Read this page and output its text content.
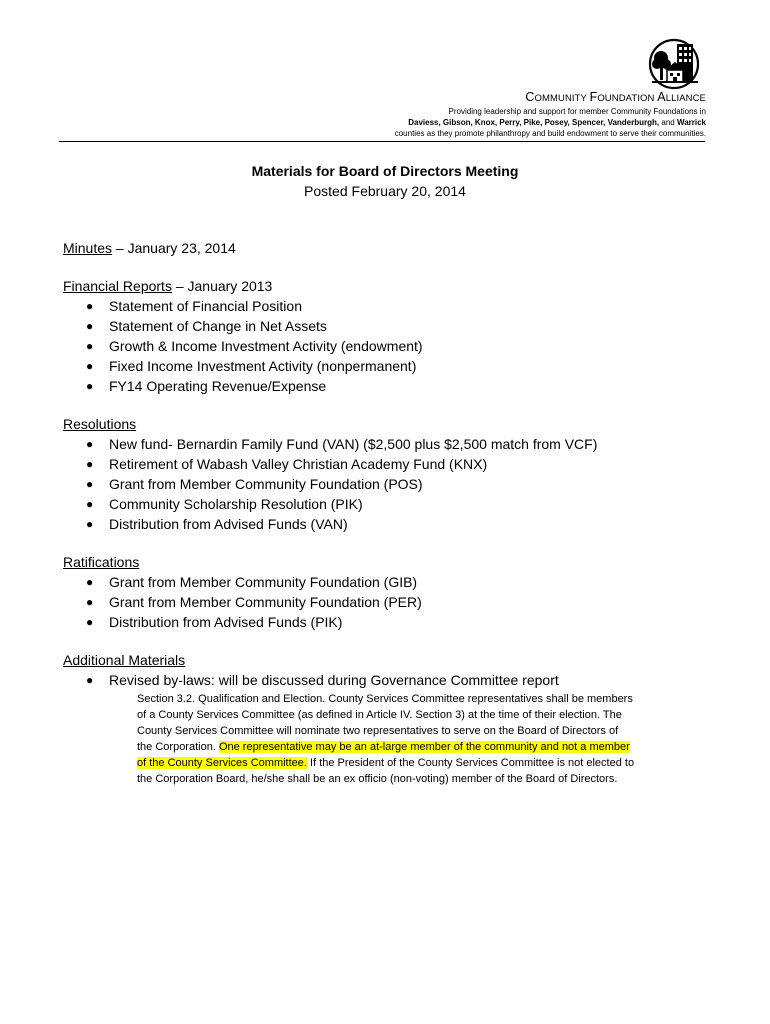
COMMUNITY FOUNDATION ALLIANCE
Providing leadership and support for member Community Foundations in
Daviess, Gibson, Knox, Perry, Pike, Posey, Spencer, Vanderburgh, and Warrick
counties as they promote philanthropy and build endowment to serve their communities.
Materials for Board of Directors Meeting
Posted February 20, 2014
Minutes – January 23, 2014
Financial Reports – January 2013
● Statement of Financial Position
● Statement of Change in Net Assets
● Growth & Income Investment Activity (endowment)
● Fixed Income Investment Activity (nonpermanent)
● FY14 Operating Revenue/Expense
Resolutions
● New fund- Bernardin Family Fund (VAN) ($2,500 plus $2,500 match from VCF)
● Retirement of Wabash Valley Christian Academy Fund (KNX)
● Grant from Member Community Foundation (POS)
● Community Scholarship Resolution (PIK)
● Distribution from Advised Funds (VAN)
Ratifications
● Grant from Member Community Foundation (GIB)
● Grant from Member Community Foundation (PER)
● Distribution from Advised Funds (PIK)
Additional Materials
● Revised by-laws: will be discussed during Governance Committee report
Section 3.2. Qualification and Election. County Services Committee representatives shall be members
of a County Services Committee (as defined in Article IV. Section 3) at the time of their election. The
County Services Committee will nominate two representatives to serve on the Board of Directors of
the Corporation. One representative may be an at-large member of the community and not a member
of the County Services Committee. If the President of the County Services Committee is not elected to
the Corporation Board, he/she shall be an ex officio (non-voting) member of the Board of Directors.
